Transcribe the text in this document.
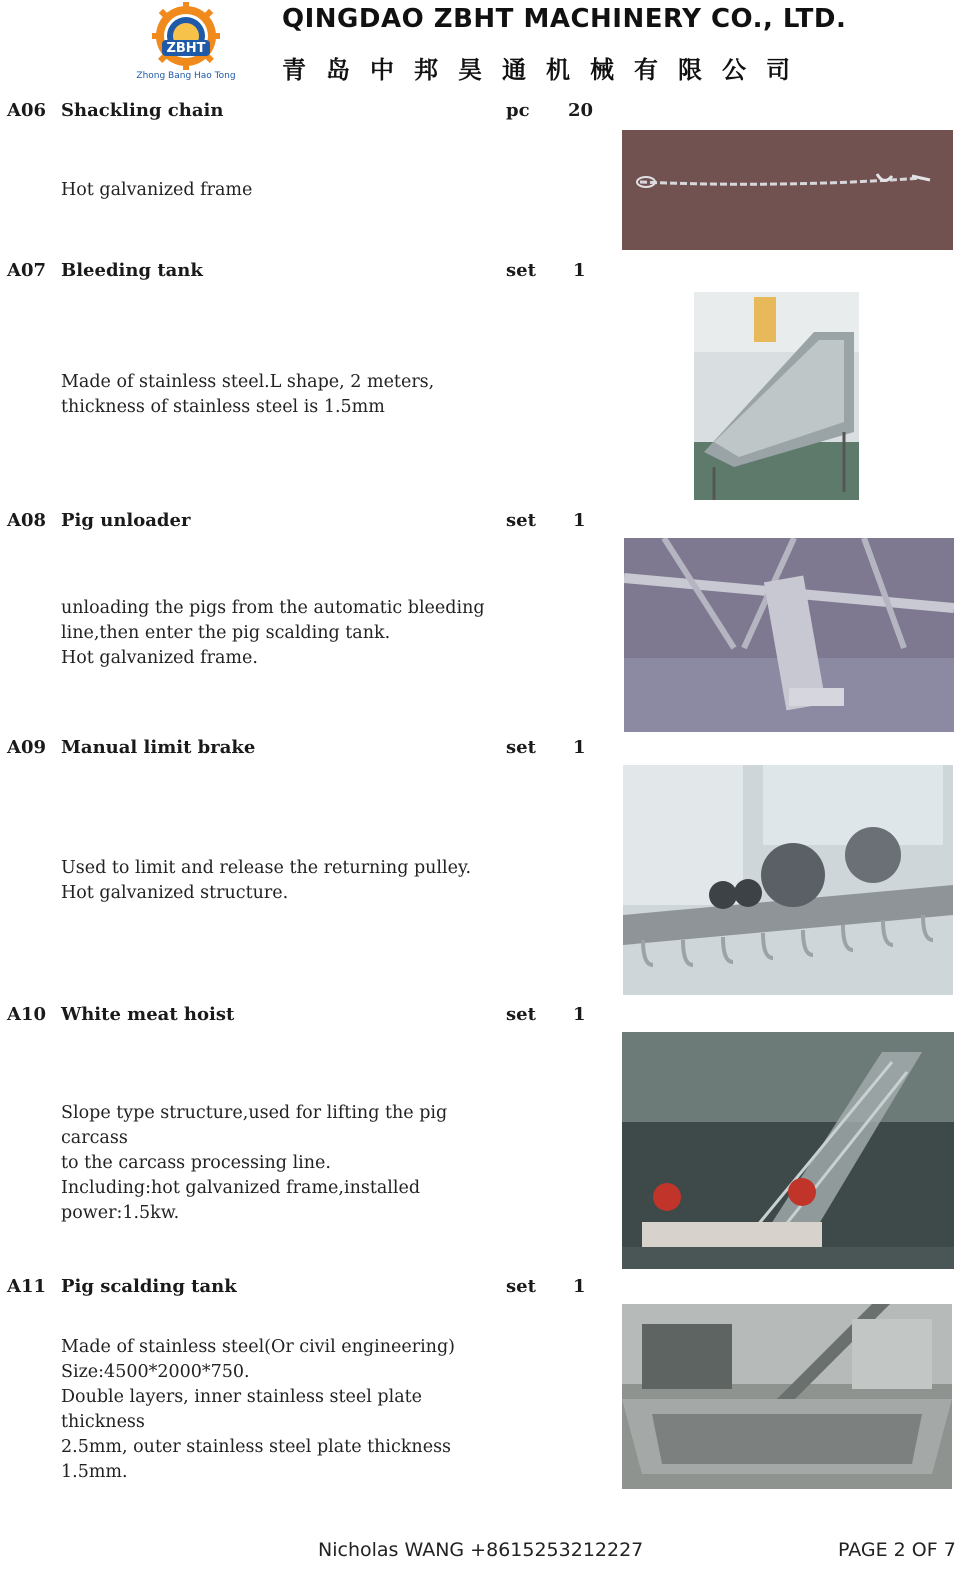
ZBHT
Zhong Bang Hao Tong
QINGDAO ZBHT MACHINERY CO., LTD.
青岛中邦昊通机械有限公司
A06 Shackling chain	pc 20

Hot galvanized frame

A07 Bleeding tank	set 1

Made of stainless steel.L shape, 2 meters,

thickness of stainless steel is 1.5mm

A08 Pig unloader	set 1

unloading the pigs from the automatic bleeding

line,then enter the pig scalding tank.

Hot galvanized frame.

A09 Manual limit brake	set 1

Used to limit and release the returning pulley.

Hot galvanized structure.

A10 White meat hoist	set 1

Slope type structure,used for lifting the pig carcass

to the carcass processing line.

Including:hot galvanized frame,installed

power:1.5kw.

A11 Pig scalding tank	set 1

Made of stainless steel(Or civil engineering)

Size:4500*2000*750.

Double layers, inner stainless steel plate thickness

2.5mm, outer stainless steel plate thickness

1.5mm.

Nicholas WANG +8615253212227	PAGE 2 OF 7
